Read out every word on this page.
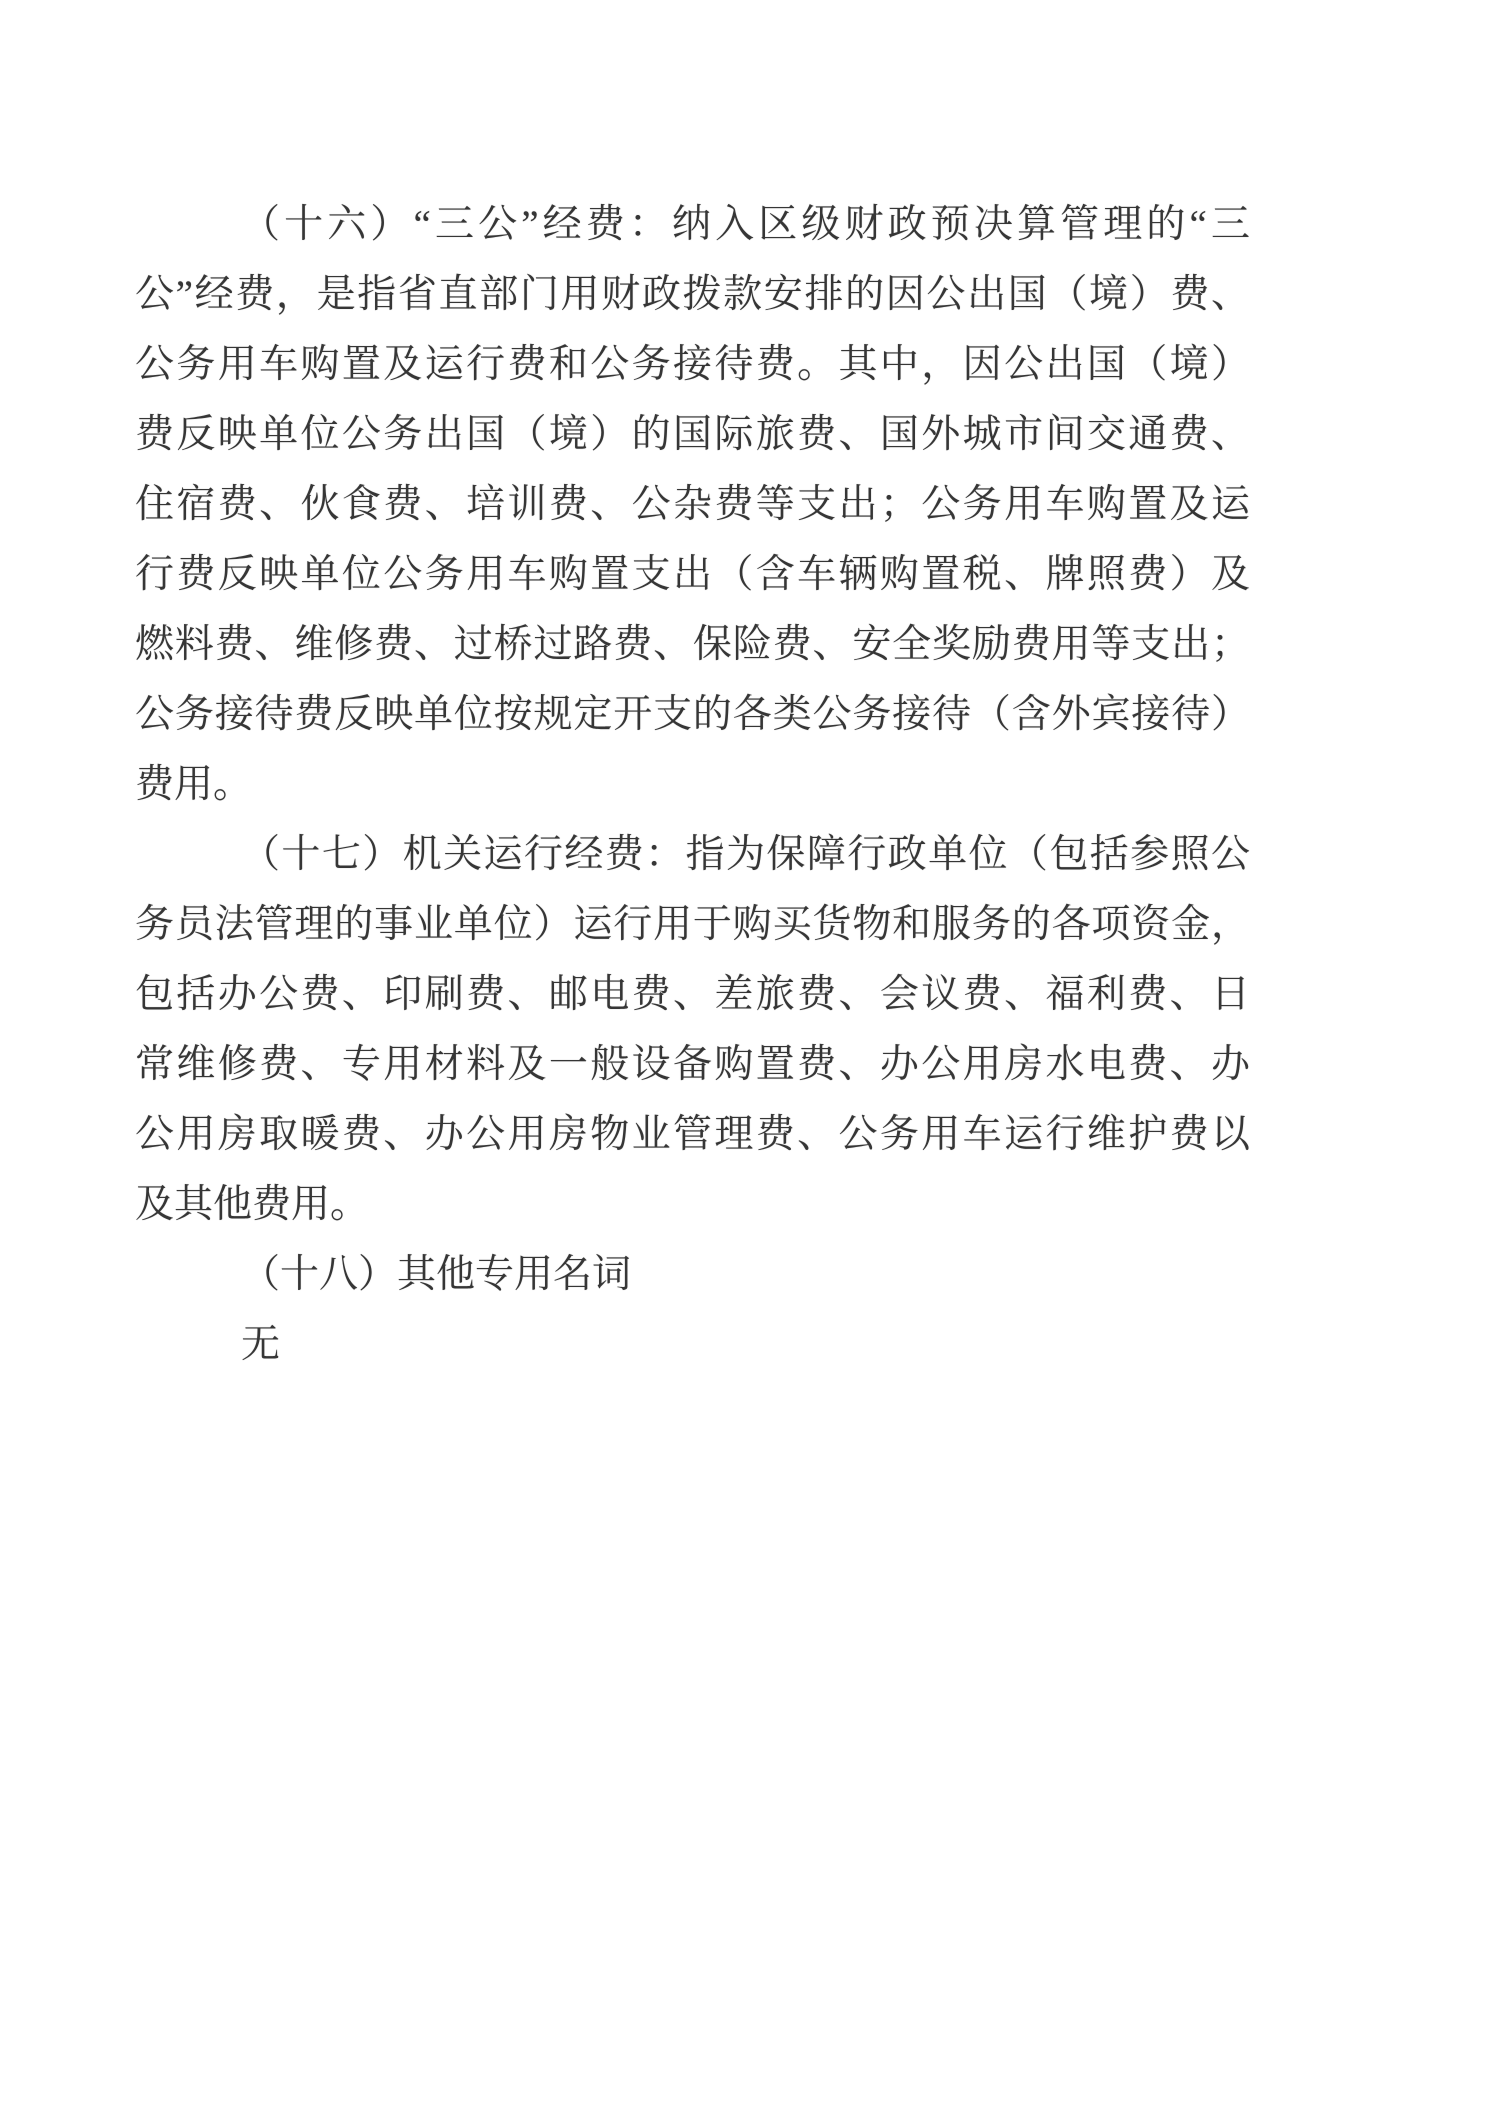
（十六）“三公”经费：纳入区级财政预决算管理的“三
公”经费，是指省直部门用财政拨款安排的因公出国（境）费、
公务用车购置及运行费和公务接待费。其中，因公出国（境）
费反映单位公务出国（境）的国际旅费、国外城市间交通费、
住宿费、伙食费、培训费、公杂费等支出；公务用车购置及运
行费反映单位公务用车购置支出（含车辆购置税、牌照费）及
燃料费、维修费、过桥过路费、保险费、安全奖励费用等支出；
公务接待费反映单位按规定开支的各类公务接待（含外宾接待）
费用。
（十七）机关运行经费：指为保障行政单位（包括参照公
务员法管理的事业单位）运行用于购买货物和服务的各项资金，
包括办公费、印刷费、邮电费、差旅费、会议费、福利费、日
常维修费、专用材料及一般设备购置费、办公用房水电费、办
公用房取暖费、办公用房物业管理费、公务用车运行维护费以
及其他费用。
（十八）其他专用名词
无
